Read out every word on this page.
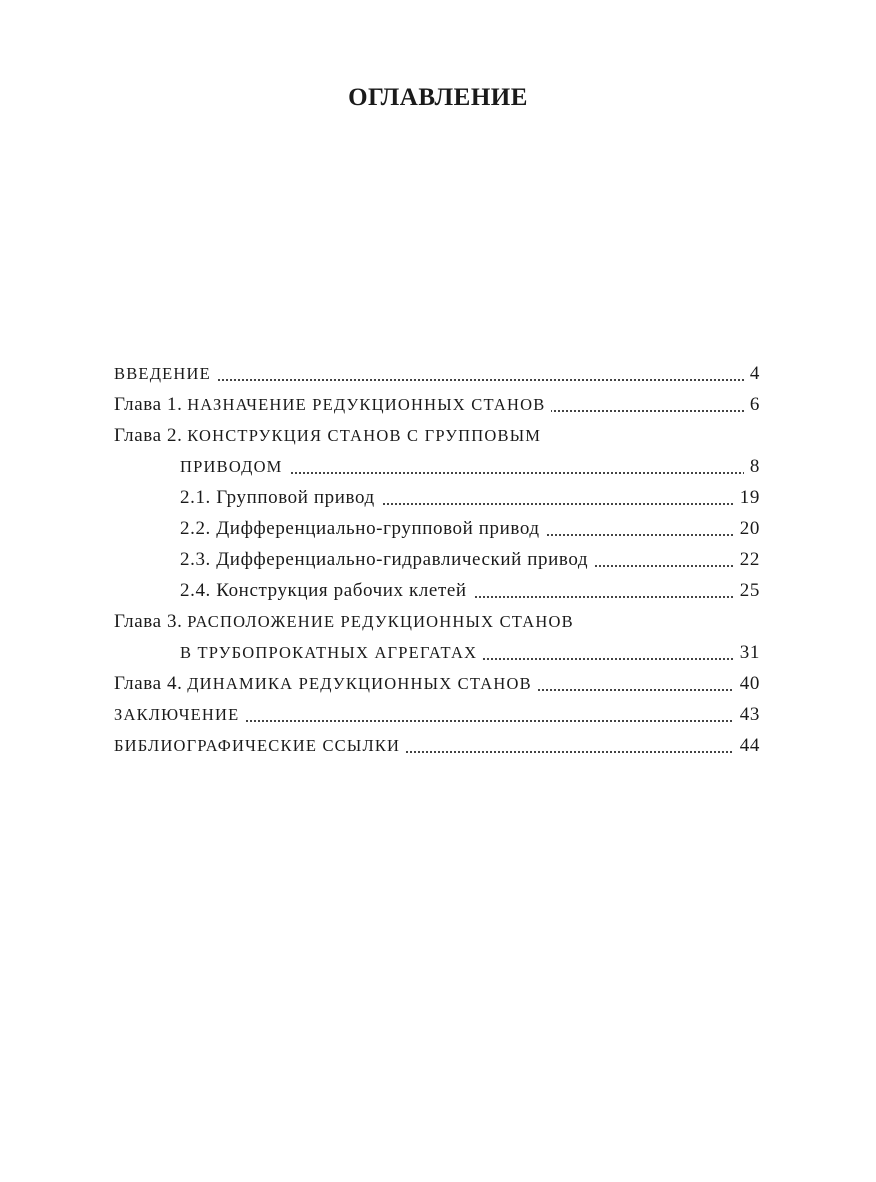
ОГЛАВЛЕНИЕ
ВВЕДЕНИЕ	4
Глава 1. НАЗНАЧЕНИЕ РЕДУКЦИОННЫХ СТАНОВ	6
Глава 2. КОНСТРУКЦИЯ СТАНОВ С ГРУППОВЫМ
ПРИВОДОМ	8
2.1. Групповой привод	19
2.2. Дифференциально-групповой привод	20
2.3. Дифференциально-гидравлический привод	22
2.4. Конструкция рабочих клетей	25
Глава 3. РАСПОЛОЖЕНИЕ РЕДУКЦИОННЫХ СТАНОВ
В ТРУБОПРОКАТНЫХ АГРЕГАТАХ	31
Глава 4. ДИНАМИКА РЕДУКЦИОННЫХ СТАНОВ	40
ЗАКЛЮЧЕНИЕ	43
БИБЛИОГРАФИЧЕСКИЕ ССЫЛКИ	44
